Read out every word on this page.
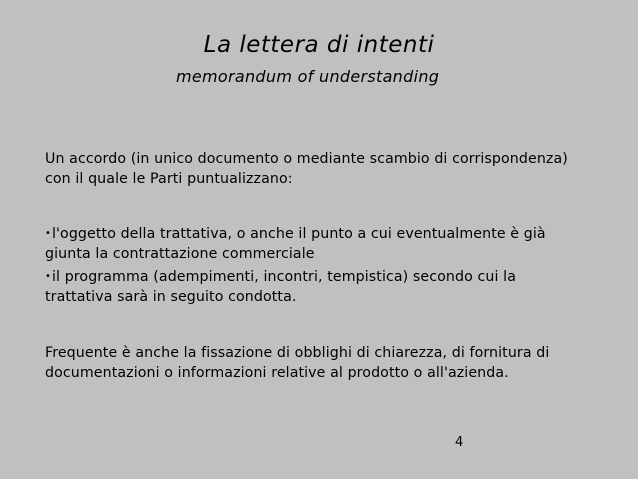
La lettera di intenti
memorandum of understanding
Un accordo (in unico documento o mediante scambio di corrispondenza)
con il quale le Parti puntualizzano:
•l'oggetto della trattativa, o anche il punto a cui eventualmente è già
giunta la contrattazione commerciale
•il programma (adempimenti, incontri, tempistica) secondo cui la
trattativa sarà in seguito condotta.
Frequente è anche la fissazione di obblighi di chiarezza, di fornitura di
documentazioni o informazioni relative al prodotto o all'azienda.
4
